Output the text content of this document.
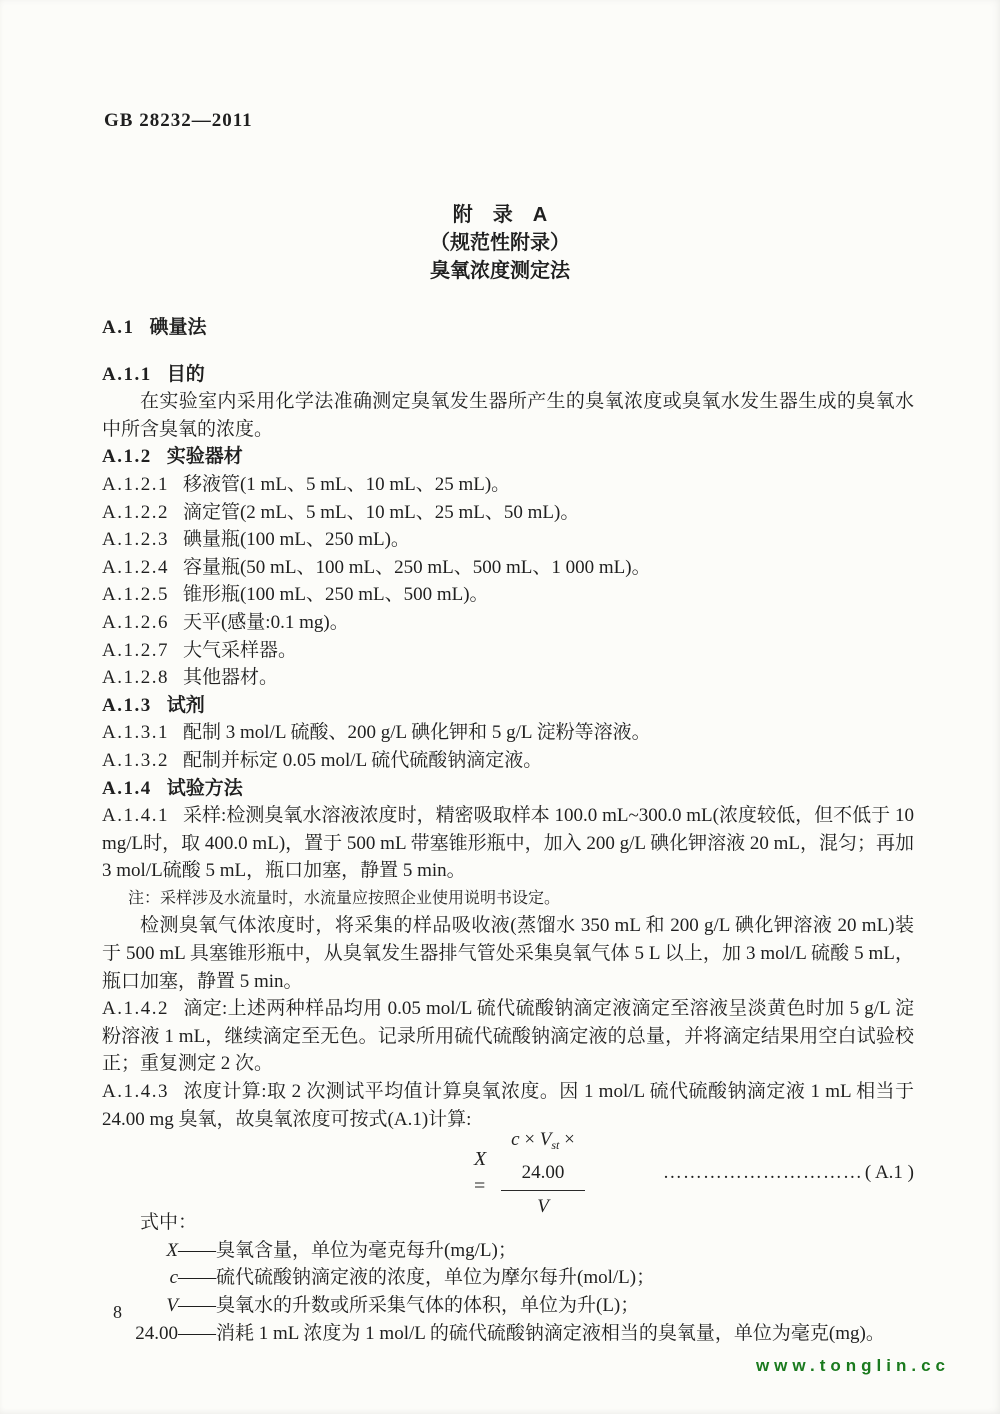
GB 28232—2011
附　录　A
（规范性附录）
臭氧浓度测定法
A.1 碘量法
A.1.1 目的
在实验室内采用化学法准确测定臭氧发生器所产生的臭氧浓度或臭氧水发生器生成的臭氧水中所含臭氧的浓度。
A.1.2 实验器材
A.1.2.1 移液管(1 mL、5 mL、10 mL、25 mL)。
A.1.2.2 滴定管(2 mL、5 mL、10 mL、25 mL、50 mL)。
A.1.2.3 碘量瓶(100 mL、250 mL)。
A.1.2.4 容量瓶(50 mL、100 mL、250 mL、500 mL、1 000 mL)。
A.1.2.5 锥形瓶(100 mL、250 mL、500 mL)。
A.1.2.6 天平(感量:0.1 mg)。
A.1.2.7 大气采样器。
A.1.2.8 其他器材。
A.1.3 试剂
A.1.3.1 配制 3 mol/L 硫酸、200 g/L 碘化钾和 5 g/L 淀粉等溶液。
A.1.3.2 配制并标定 0.05 mol/L 硫代硫酸钠滴定液。
A.1.4 试验方法
A.1.4.1 采样:检测臭氧水溶液浓度时，精密吸取样本 100.0 mL~300.0 mL(浓度较低，但不低于 10 mg/L时，取 400.0 mL)，置于 500 mL 带塞锥形瓶中，加入 200 g/L 碘化钾溶液 20 mL，混匀；再加 3 mol/L硫酸 5 mL，瓶口加塞，静置 5 min。
注：采样涉及水流量时，水流量应按照企业使用说明书设定。
检测臭氧气体浓度时，将采集的样品吸收液(蒸馏水 350 mL 和 200 g/L 碘化钾溶液 20 mL)装于 500 mL 具塞锥形瓶中，从臭氧发生器排气管处采集臭氧气体 5 L 以上，加 3 mol/L 硫酸 5 mL，瓶口加塞，静置 5 min。
A.1.4.2 滴定:上述两种样品均用 0.05 mol/L 硫代硫酸钠滴定液滴定至溶液呈淡黄色时加 5 g/L 淀粉溶液 1 mL，继续滴定至无色。记录所用硫代硫酸钠滴定液的总量，并将滴定结果用空白试验校正；重复测定 2 次。
A.1.4.3 浓度计算:取 2 次测试平均值计算臭氧浓度。因 1 mol/L 硫代硫酸钠滴定液 1 mL 相当于 24.00 mg 臭氧，故臭氧浓度可按式(A.1)计算:
$X = \frac{c \times V_{st} \times 24.00}{V}$	………………………… ( A.1 )
式中：
X ——臭氧含量，单位为毫克每升(mg/L)；
c ——硫代硫酸钠滴定液的浓度，单位为摩尔每升(mol/L)；
V ——臭氧水的升数或所采集气体的体积，单位为升(L)；
24.00 ——消耗 1 mL 浓度为 1 mol/L 的硫代硫酸钠滴定液相当的臭氧量，单位为毫克(mg)。
8
www.tonglin.cc
